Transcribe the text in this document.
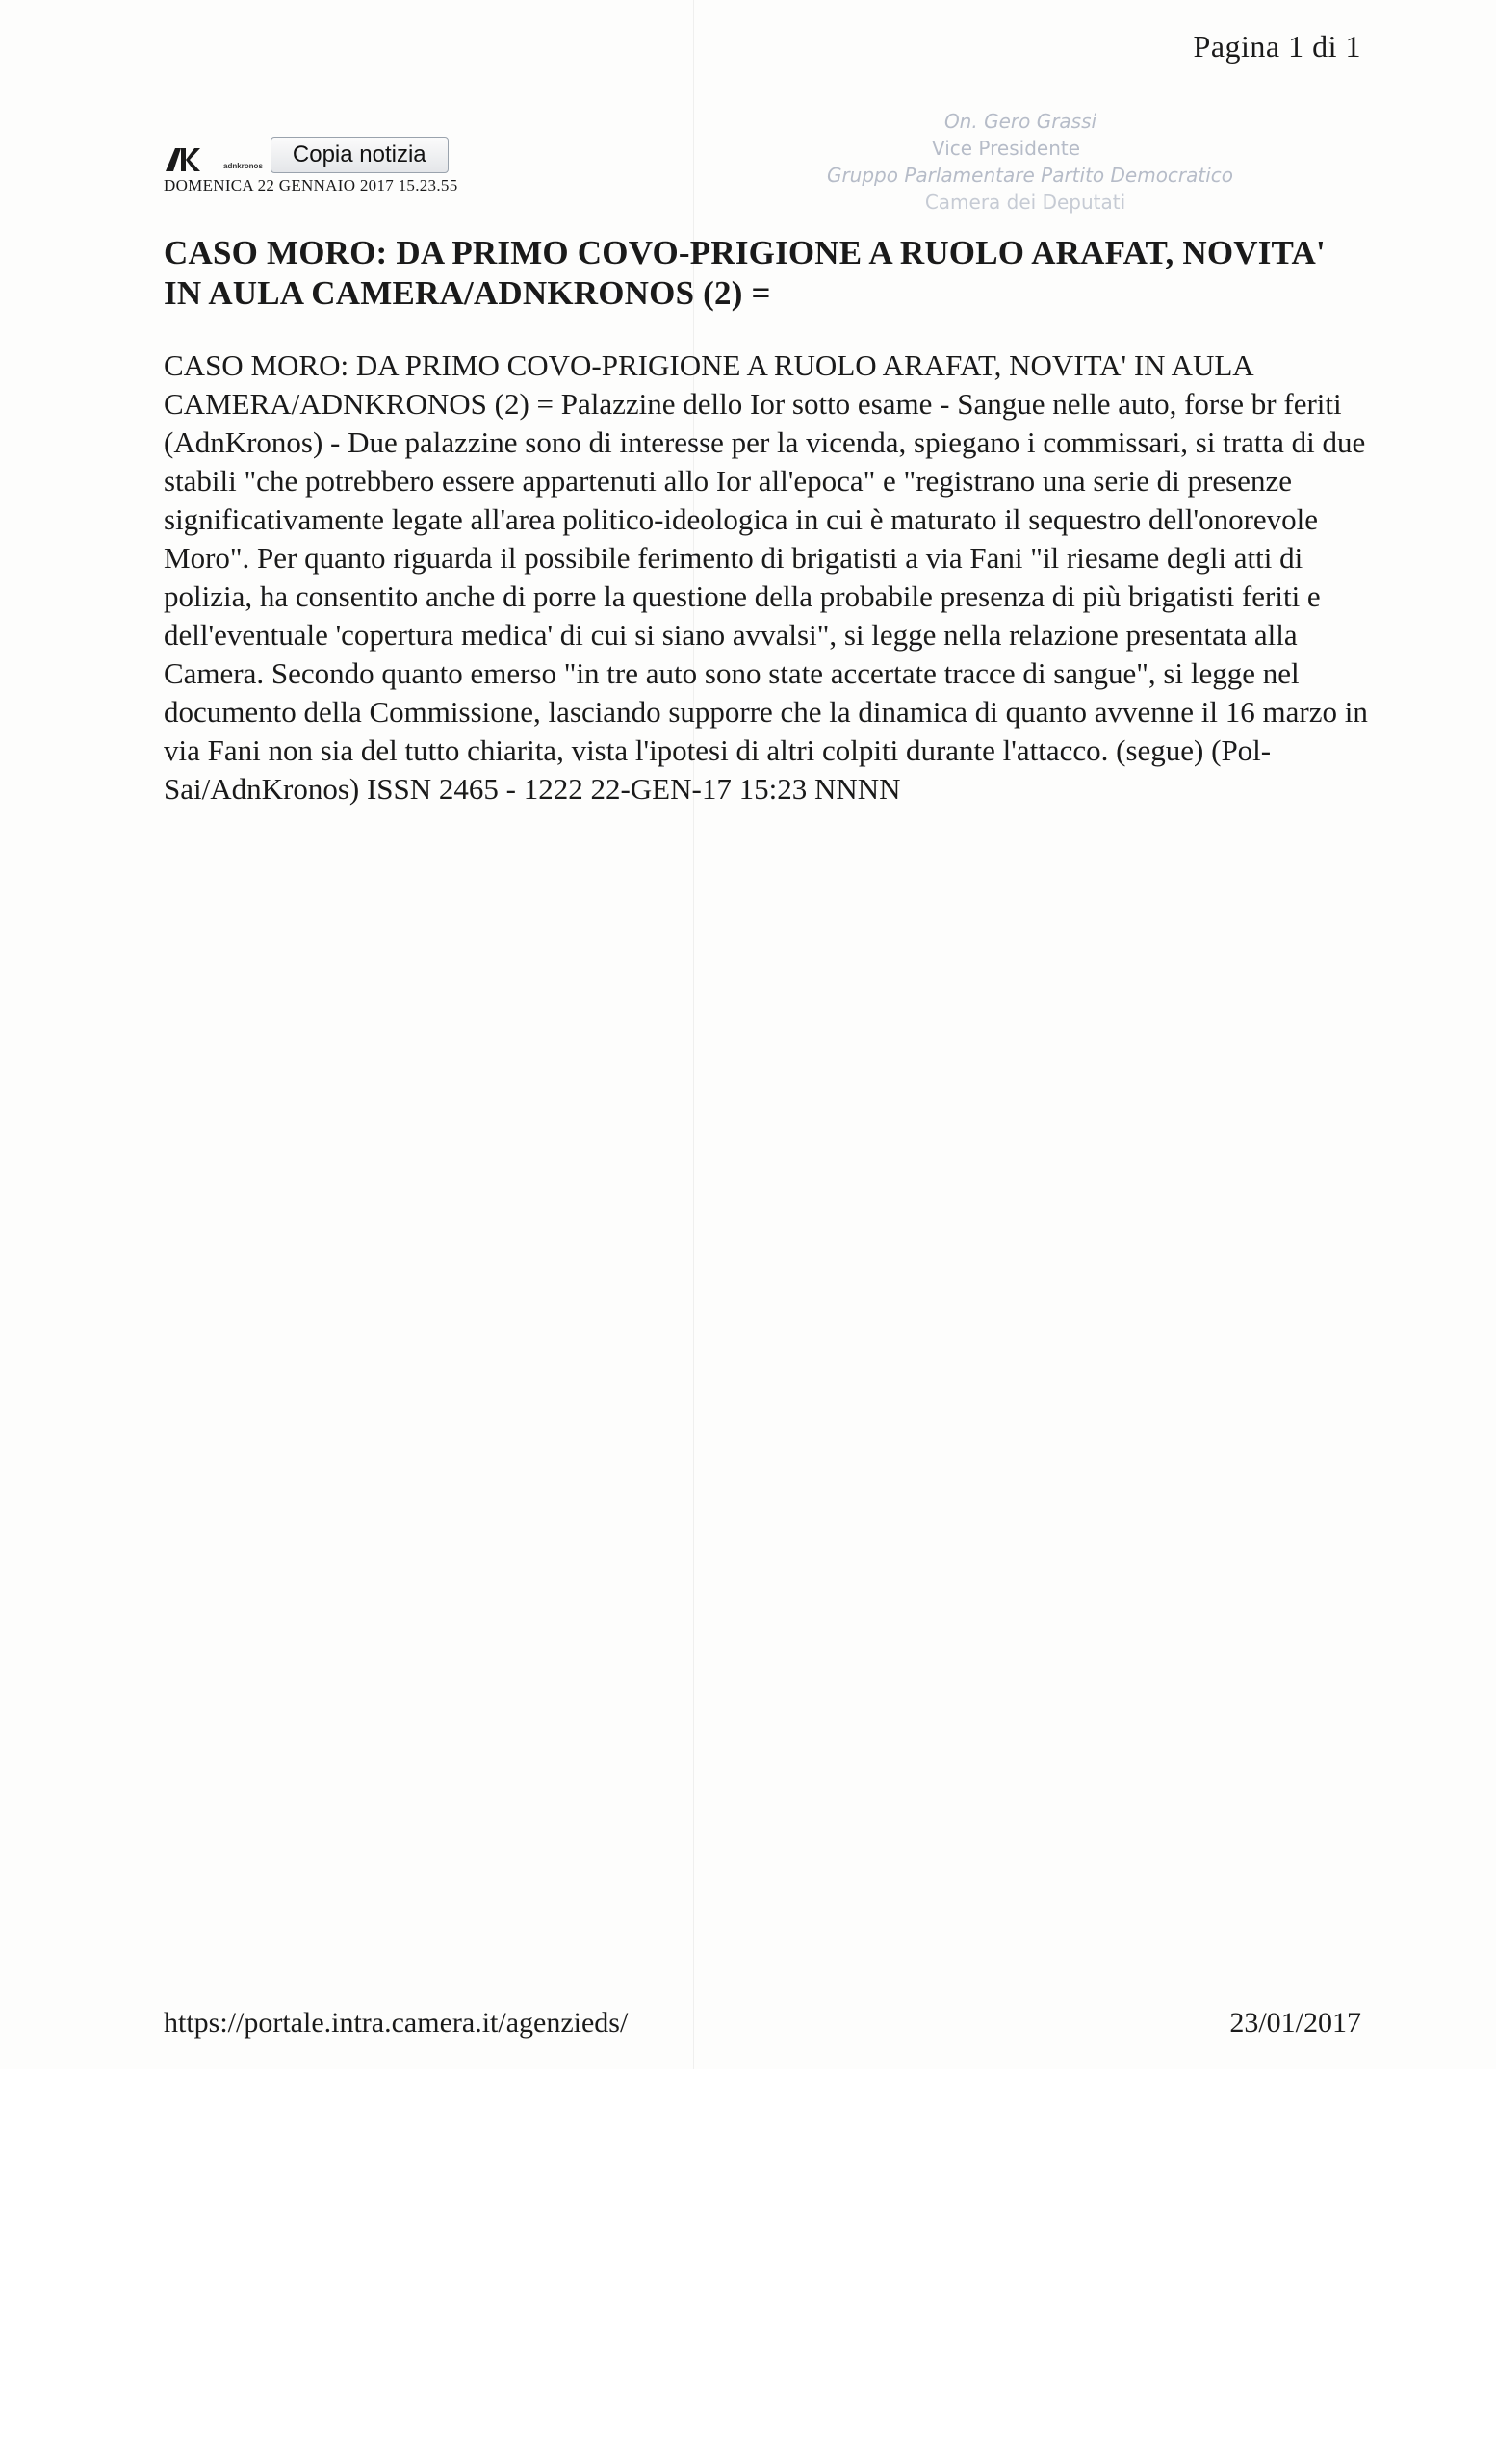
Pagina 1 di 1
adnkronos	Copia notizia
DOMENICA 22 GENNAIO 2017 15.23.55
On. Gero Grassi
Vice Presidente
Gruppo Parlamentare Partito Democratico
Camera dei Deputati
CASO MORO: DA PRIMO COVO-PRIGIONE A RUOLO ARAFAT, NOVITA' IN AULA CAMERA/ADNKRONOS (2) =
CASO MORO: DA PRIMO COVO-PRIGIONE A RUOLO ARAFAT, NOVITA' IN AULA CAMERA/ADNKRONOS (2) = Palazzine dello Ior sotto esame - Sangue nelle auto, forse br feriti (AdnKronos) - Due palazzine sono di interesse per la vicenda, spiegano i commissari, si tratta di due stabili "che potrebbero essere appartenuti allo Ior all'epoca" e "registrano una serie di presenze significativamente legate all'area politico-ideologica in cui è maturato il sequestro dell'onorevole Moro". Per quanto riguarda il possibile ferimento di brigatisti a via Fani "il riesame degli atti di polizia, ha consentito anche di porre la questione della probabile presenza di più brigatisti feriti e dell'eventuale 'copertura medica' di cui si siano avvalsi", si legge nella relazione presentata alla Camera. Secondo quanto emerso "in tre auto sono state accertate tracce di sangue", si legge nel documento della Commissione, lasciando supporre che la dinamica di quanto avvenne il 16 marzo in via Fani non sia del tutto chiarita, vista l'ipotesi di altri colpiti durante l'attacco. (segue) (Pol-Sai/AdnKronos) ISSN 2465 - 1222 22-GEN-17 15:23 NNNN
https://portale.intra.camera.it/agenzieds/	23/01/2017
